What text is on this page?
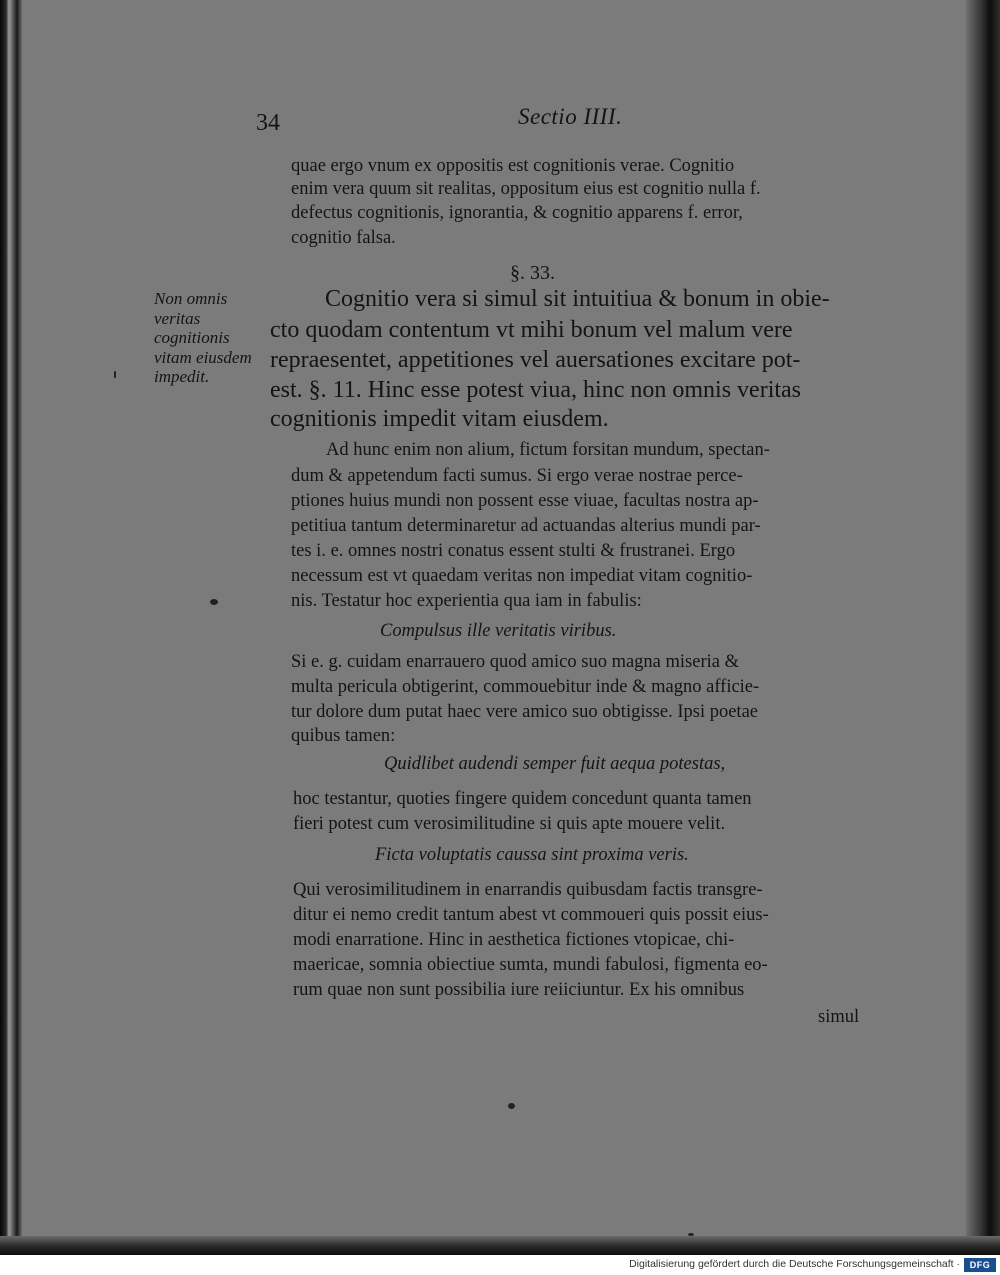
34	Sectio IIII.
quae ergo vnum ex oppositis est cognitionis verae. Cognitio
enim vera quum sit realitas, oppositum eius est cognitio nulla f.
defectus cognitionis, ignorantia, & cognitio apparens f. error,
cognitio falsa.
§. 33.
Non omnis veritas cognitionis vitam eiusdem impedit.
Cognitio vera si simul sit intuitiua & bonum in obie-
cto quodam contentum vt mihi bonum vel malum vere
repraesentet, appetitiones vel auersationes excitare pot-
est. §. 11. Hinc esse potest viua, hinc non omnis veritas
cognitionis impedit vitam eiusdem.
Ad hunc enim non alium, fictum forsitan mundum, spectan-
dum & appetendum facti sumus. Si ergo verae nostrae perce-
ptiones huius mundi non possent esse viuae, facultas nostra ap-
petitiua tantum determinaretur ad actuandas alterius mundi par-
tes i. e. omnes nostri conatus essent stulti & frustranei. Ergo
necessum est vt quaedam veritas non impediat vitam cognitio-
nis. Testatur hoc experientia qua iam in fabulis:
Compulsus ille veritatis viribus.
Si e. g. cuidam enarrauero quod amico suo magna miseria &
multa pericula obtigerint, commouebitur inde & magno afficie-
tur dolore dum putat haec vere amico suo obtigisse. Ipsi poetae
quibus tamen:
Quidlibet audendi semper fuit aequa potestas,
hoc testantur, quoties fingere quidem concedunt quanta tamen
fieri potest cum verosimilitudine si quis apte mouere velit.
Ficta voluptatis caussa sint proxima veris.
Qui verosimilitudinem in enarrandis quibusdam factis transgre-
ditur ei nemo credit tantum abest vt commoueri quis possit eius-
modi enarratione. Hinc in aesthetica fictiones vtopicae, chi-
maericae, somnia obiectiue sumta, mundi fabulosi, figmenta eo-
rum quae non sunt possibilia iure reiiciuntur. Ex his omnibus
simul
Digitalisierung gefördert durch die Deutsche Forschungsgemeinschaft ·	DFG
